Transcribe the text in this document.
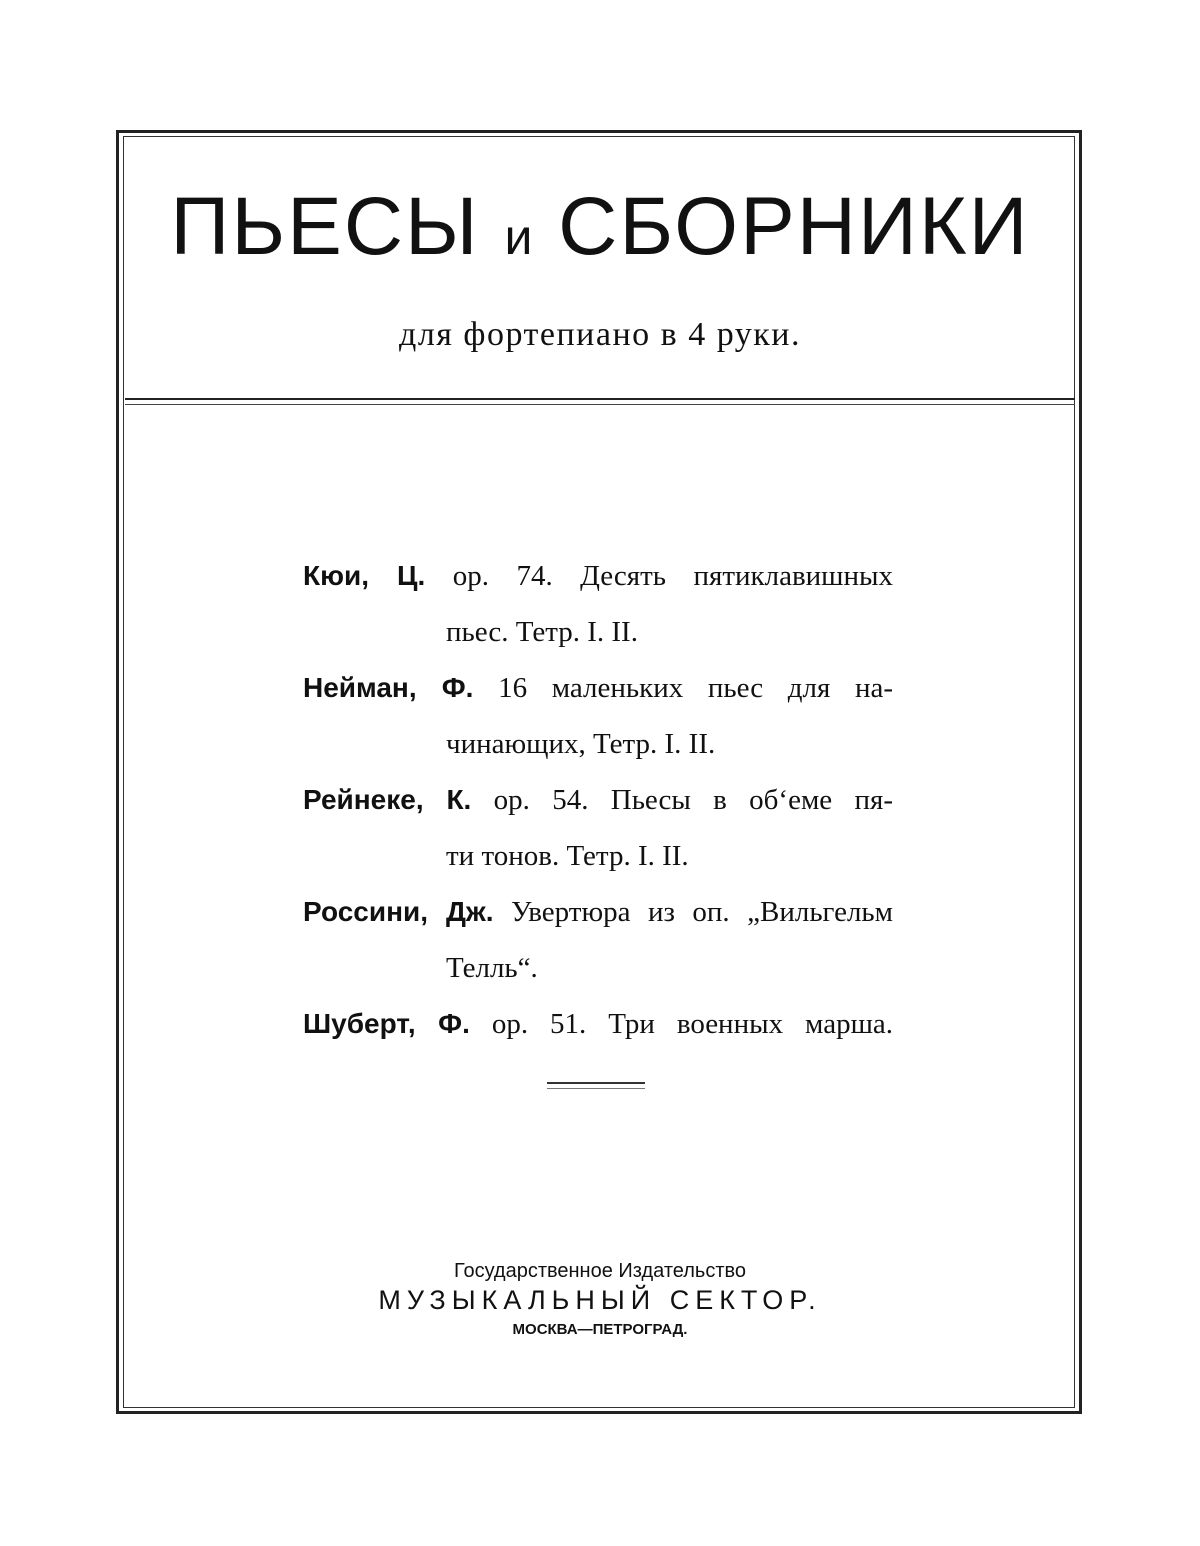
ПЬЕСЫ и СБОРНИКИ

для фортепиано в 4 руки.

Кюи, Ц. ор. 74. Десять пятиклавишных
пьес. Тетр. I. II.
Нейман, Ф. 16 маленьких пьес для на-
чинающих, Тетр. I. II.
Рейнеке, К. ор. 54. Пьесы в об‘еме пя-
ти тонов. Тетр. I. II.
Россини, Дж. Увертюра из оп. „Вильгельм
Телль“.
Шуберт, Ф. ор. 51. Три военных марша.

Государственное Издательство

МУЗЫКАЛЬНЫЙ СЕКТОР.

МОСКВА—ПЕТРОГРАД.
